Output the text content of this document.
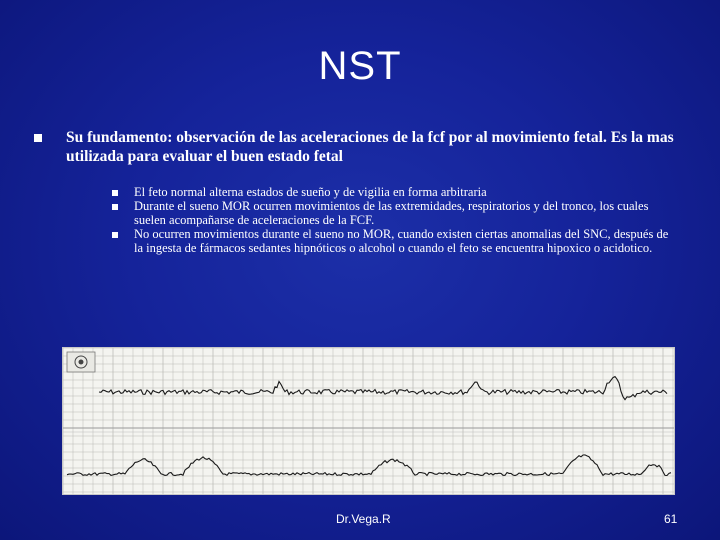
NST
Su fundamento: observación de las aceleraciones de la fcf por al movimiento fetal. Es la mas utilizada para evaluar el buen estado fetal
El feto normal alterna estados de sueño y de vigilia en forma arbitraria
Durante el sueno MOR ocurren movimientos de las extremidades, respiratorios y del tronco, los cuales suelen acompañarse de aceleraciones de la FCF.
No ocurren movimientos durante el sueno no MOR, cuando existen ciertas anomalias del SNC, después de la ingesta de fármacos sedantes hipnóticos o alcohol o cuando el feto se encuentra hipoxico o acidotico.
Dr.Vega.R	61
